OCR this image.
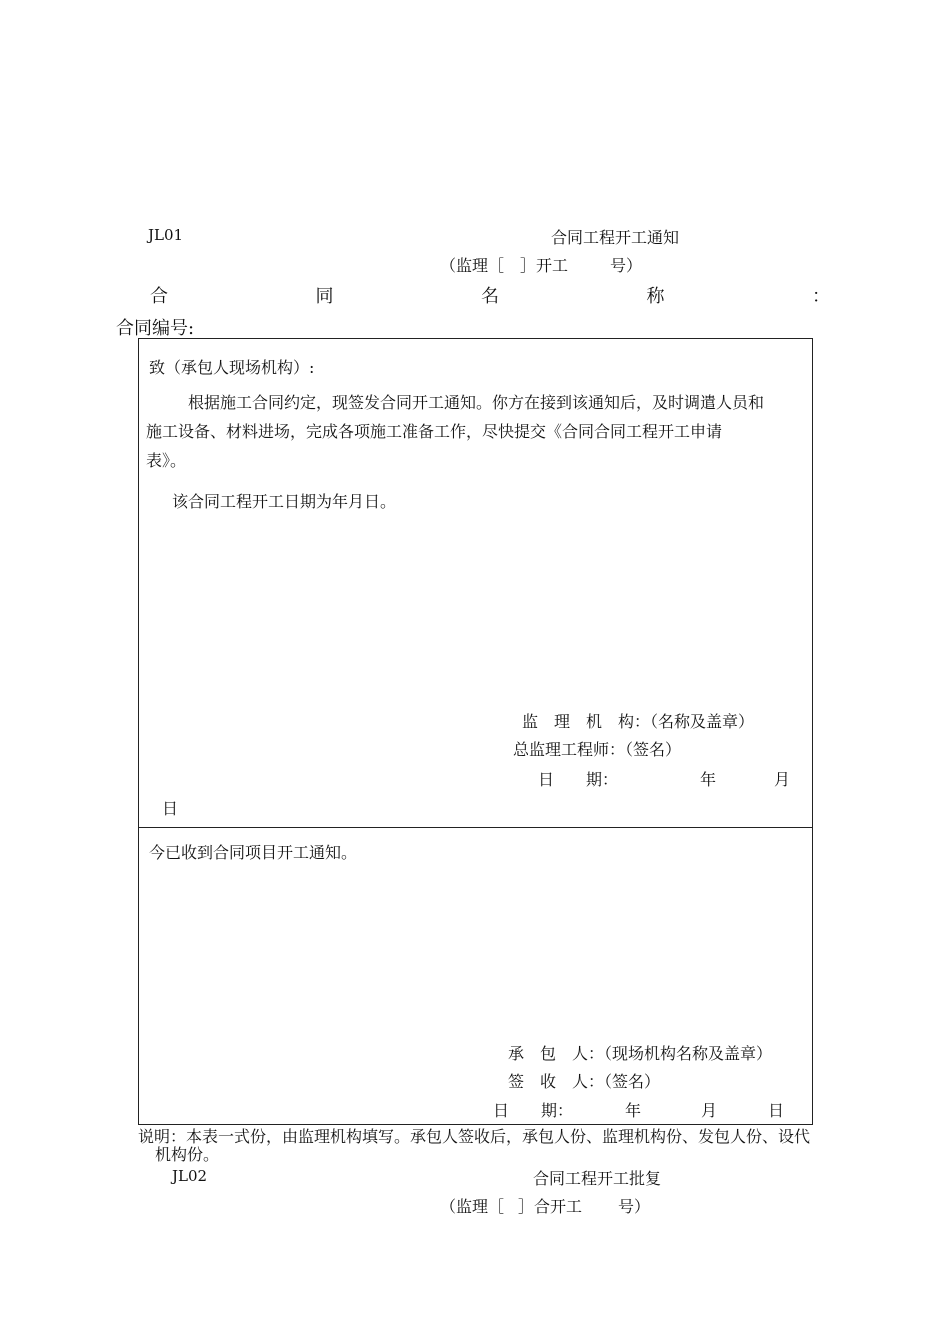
JL01	合同工程开工通知
（监理［ ］开工	号）
合	同	名	称	：
合同编号:
致（承包人现场机构）:
根据施工合同约定，现签发合同开工通知。你方在接到该通知后，及时调遣人员和
施工设备、材料进场，完成各项施工准备工作，尽快提交《合同合同工程开工申请
表》。
该合同工程开工日期为年月日。
监　理　机　构：（名称及盖章）
总监理工程师：（签名）
日　　期：	年	月
日
今已收到合同项目开工通知。
承　包　人：（现场机构名称及盖章）
签　收　人：（签名）
日　　期：	年	月	日
说明：本表一式份，由监理机构填写。承包人签收后，承包人份、监理机构份、发包人份、设代
机构份。
JL02	合同工程开工批复
（监理［ ］合开工 号）
